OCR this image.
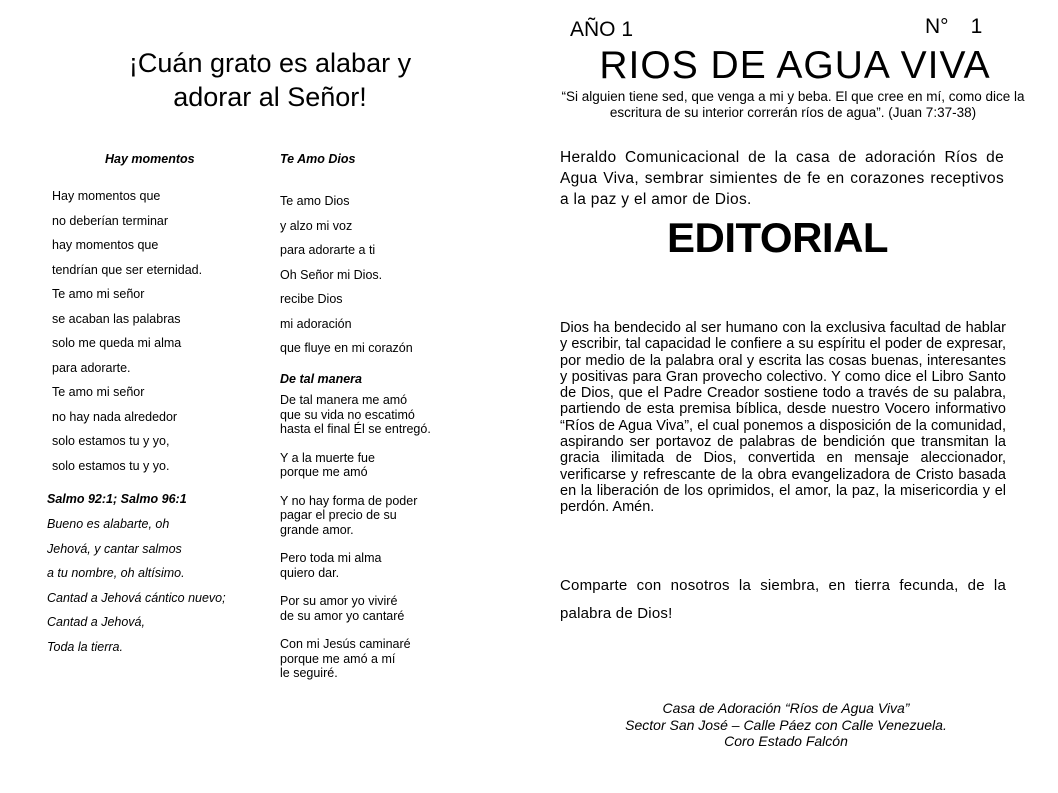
¡Cuán grato es alabar y
adorar al Señor!
Hay momentos
Hay momentos que
no deberían terminar
hay momentos que
tendrían que ser eternidad.
Te amo mi señor
se acaban las palabras
solo me queda mi alma
para adorarte.
Te amo mi señor
no hay nada alrededor
solo estamos tu y yo,
solo estamos tu y yo.
Salmo 92:1; Salmo 96:1
Bueno es alabarte, oh
Jehová, y cantar salmos
a tu nombre, oh altísimo.
Cantad a Jehová cántico nuevo;
Cantad a Jehová,
Toda la tierra.
Te Amo Dios
Te amo Dios
y alzo mi voz
para adorarte a ti
Oh Señor mi Dios.
recibe Dios
mi adoración
que fluye en mi corazón
De tal manera
De tal manera me amó
que su vida no escatimó
hasta el final Él se entregó.
Y a la muerte fue
porque me amó
Y no hay forma de poder
pagar el precio de su
grande amor.
Pero toda mi alma
quiero dar.
Por su amor yo viviré
de su amor yo cantaré
Con mi Jesús caminaré
porque me amó a mí
le seguiré.
AÑO 1	N° 1
RIOS DE AGUA VIVA
“Si alguien tiene sed, que venga a mi y beba. El que cree en mí, como dice la escritura de su interior correrán ríos de agua”. (Juan 7:37-38)
Heraldo Comunicacional de la casa de adoración Ríos de Agua Viva, sembrar simientes de fe en corazones receptivos a la paz y el amor de Dios.
EDITORIAL
Dios ha bendecido al ser humano con la exclusiva facultad de hablar y escribir, tal capacidad le confiere a su espíritu el poder de expresar, por medio de la palabra oral y escrita las cosas buenas, interesantes y positivas para Gran provecho colectivo. Y como dice el Libro Santo de Dios, que el Padre Creador sostiene todo a través de su palabra, partiendo de esta premisa bíblica, desde nuestro Vocero informativo “Ríos de Agua Viva”, el cual ponemos a disposición de la comunidad, aspirando ser portavoz de palabras de bendición que transmitan la gracia ilimitada de Dios, convertida en mensaje aleccionador, verificarse y refrescante de la obra evangelizadora de Cristo basada en la liberación de los oprimidos, el amor, la paz, la misericordia y el perdón. Amén.
Comparte con nosotros la siembra, en tierra fecunda, de la palabra de Dios!
Casa de Adoración “Ríos de Agua Viva”
Sector San José – Calle Páez con Calle Venezuela.
Coro Estado Falcón
